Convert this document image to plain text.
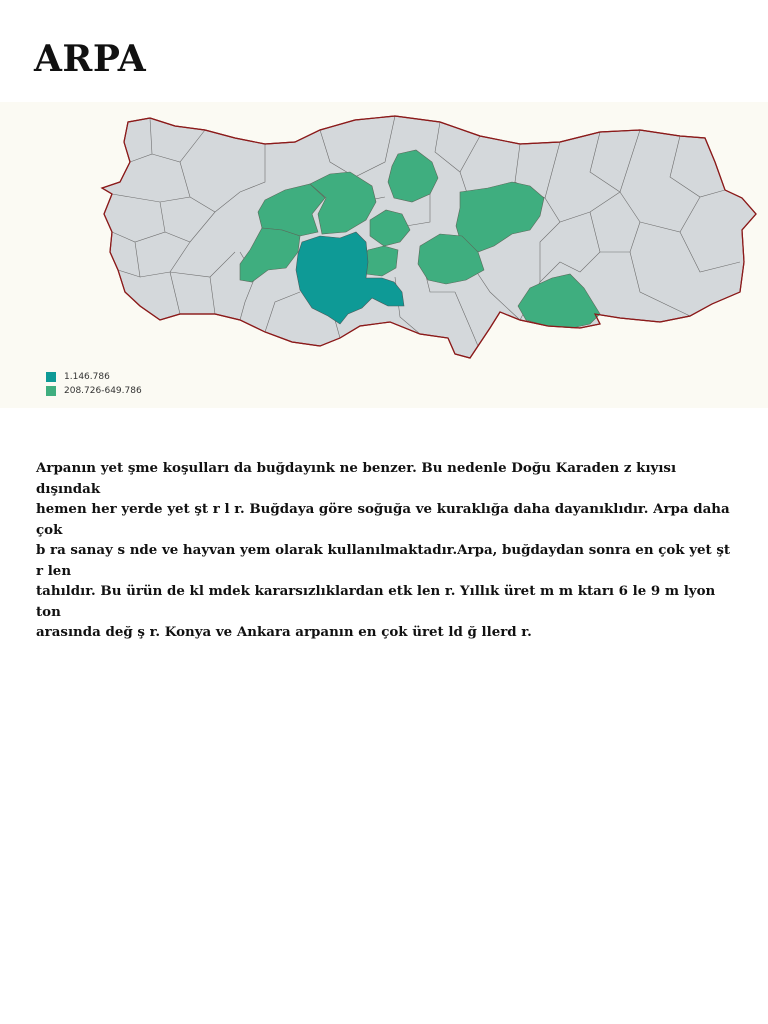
ARPA
1.146.786
208.726-649.786

Arpanın yet şme koşulları da buğdayınk ne benzer. Bu nedenle Doğu Karaden z kıyısı dışındak
hemen her yerde yet şt r l r. Buğdaya göre soğuğa ve kuraklığa daha dayanıklıdır. Arpa daha çok
b ra sanay s nde ve hayvan yem olarak kullanılmaktadır.Arpa, buğdaydan sonra en çok yet şt r len
tahıldır. Bu ürün de kl mdek kararsızlıklardan etk len r. Yıllık üret m m ktarı 6 le 9 m lyon ton
arasında değ ş r. Konya ve Ankara arpanın en çok üret ld ğ llerd r.
